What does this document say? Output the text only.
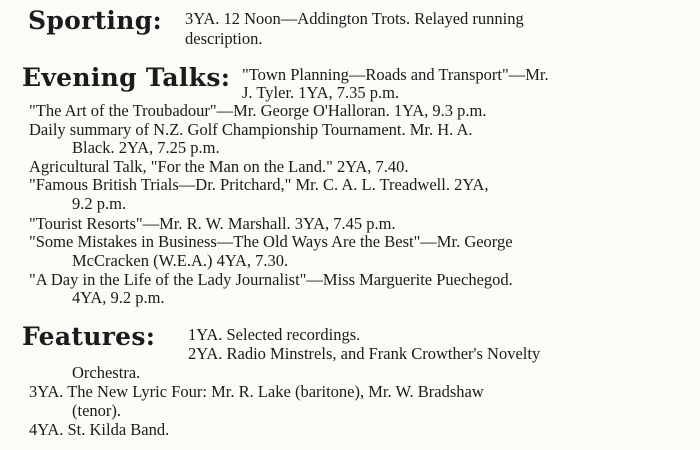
Sporting: 3YA. 12 Noon—Addington Trots. Relayed running
description.
Evening Talks: "Town Planning—Roads and Transport"—Mr.
J. Tyler. 1YA, 7.35 p.m.
"The Art of the Troubadour"—Mr. George O'Halloran. 1YA, 9.3 p.m.
Daily summary of N.Z. Golf Championship Tournament. Mr. H. A.
Black. 2YA, 7.25 p.m.
Agricultural Talk, "For the Man on the Land." 2YA, 7.40.
"Famous British Trials—Dr. Pritchard," Mr. C. A. L. Treadwell. 2YA,
9.2 p.m.
"Tourist Resorts"—Mr. R. W. Marshall. 3YA, 7.45 p.m.
"Some Mistakes in Business—The Old Ways Are the Best"—Mr. George
McCracken (W.E.A.) 4YA, 7.30.
"A Day in the Life of the Lady Journalist"—Miss Marguerite Puechegod.
4YA, 9.2 p.m.
Features: 1YA. Selected recordings.
2YA. Radio Minstrels, and Frank Crowther's Novelty
Orchestra.
3YA. The New Lyric Four: Mr. R. Lake (baritone), Mr. W. Bradshaw
(tenor).
4YA. St. Kilda Band.
